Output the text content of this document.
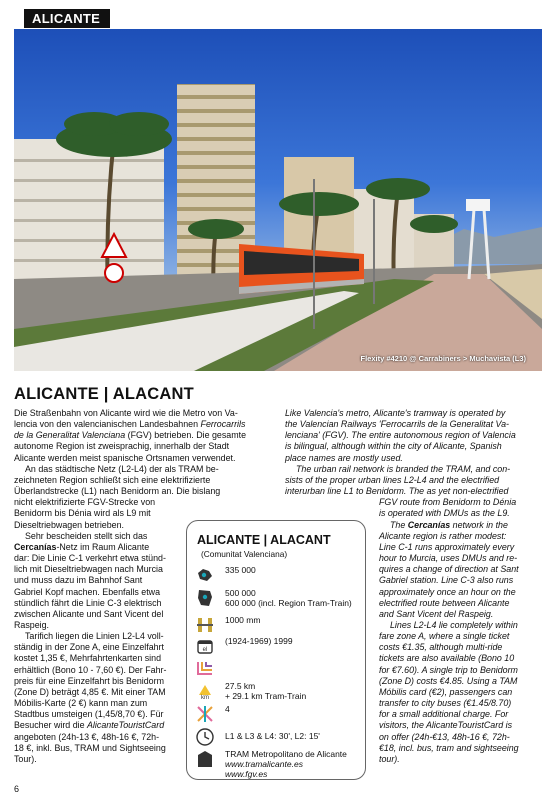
ALICANTE
Flexity #4210 @ Carrabiners > Muchavista (L3)
ALICANTE | ALACANT

Die Straßenbahn von Alicante wird wie die Metro von Va-
lencia von den valencianischen Landesbahnen Ferrocarrils
de la Generalitat Valenciana (FGV) betrieben. Die gesamte
autonome Region ist zweisprachig, innerhalb der Stadt
Alicante werden meist spanische Ortsnamen verwendet.

An das städtische Netz (L2-L4) der als TRAM be-
zeichneten Region schließt sich eine elektrifizierte
Überlandstrecke (L1) nach Benidorm an. Die bislang

nicht elektrifizierte FGV-Strecke von
Benidorm bis Dénia wird als L9 mit
Dieseltriebwagen betrieben.

Sehr bescheiden stellt sich das
Cercanías-Netz im Raum Alicante
dar: Die Linie C-1 verkehrt etwa stünd-
lich mit Dieseltriebwagen nach Murcia
und muss dazu im Bahnhof Sant
Gabriel Kopf machen. Ebenfalls etwa
stündlich fährt die Linie C-3 elektrisch
zwischen Alicante und Sant Vicent del
Raspeig.

Tarifich liegen die Linien L2-L4 voll-
ständig in der Zone A, eine Einzelfahrt
kostet 1,35 €, Mehrfahrtenkarten sind
erhältlich (Bono 10 - 7,60 €). Der Fahr-
preis für eine Einzelfahrt bis Benidorm
(Zone D) beträgt 4,85 €. Mit einer TAM
Móbilis-Karte (2 €) kann man zum
Stadtbus umsteigen (1,45/8,70 €). Für
Besucher wird die AlicanteTouristCard
angeboten (24h-13 €, 48h-16 €, 72h-
18 €, inkl. Bus, TRAM und Sightseeing
Tour).

Like Valencia's metro, Alicante's tramway is operated by
the Valencian Railways 'Ferrocarrils de la Generalitat Va-
lenciana' (FGV). The entire autonomous region of Valencia
is bilingual, although within the city of Alicante, Spanish
place names are mostly used.

The urban rail network is branded the TRAM, and con-
sists of the proper urban lines L2-L4 and the electrified
interurban line L1 to Benidorm. The as yet non-electrified

FGV route from Benidorm to Dénia
is operated with DMUs as the L9.

The Cercanías network in the
Alicante region is rather modest:
Line C-1 runs approximately every
hour to Murcia, uses DMUs and re-
quires a change of direction at Sant
Gabriel station. Line C-3 also runs
approximately once an hour on the
electrified route between Alicante
and Sant Vicent del Raspeig.

Lines L2-L4 lie completely within
fare zone A, where a single ticket
costs €1.35, although multi-ride
tickets are also available (Bono 10
for €7.60). A single trip to Benidorm
(Zone D) costs €4.85. Using a TAM
Móbilis card (€2), passengers can
transfer to city buses (€1.45/8.70)
for a small additional charge. For
visitors, the AlicanteTouristCard is
on offer (24h-€13, 48h-16 €, 72h-
€18, incl. bus, tram and sightseeing
tour).

ALICANTE | ALACANT
(Comunitat Valenciana)
335 000
500 000
600 000 (incl. Region Tram-Train)
1000 mm
el
(1924-1969) 1999
km
27.5 km
+ 29.1 km Tram-Train
4
L1 & L3 & L4: 30', L2: 15'
TRAM Metropolitano de Alicante
www.tramalicante.es
www.fgv.es
6
